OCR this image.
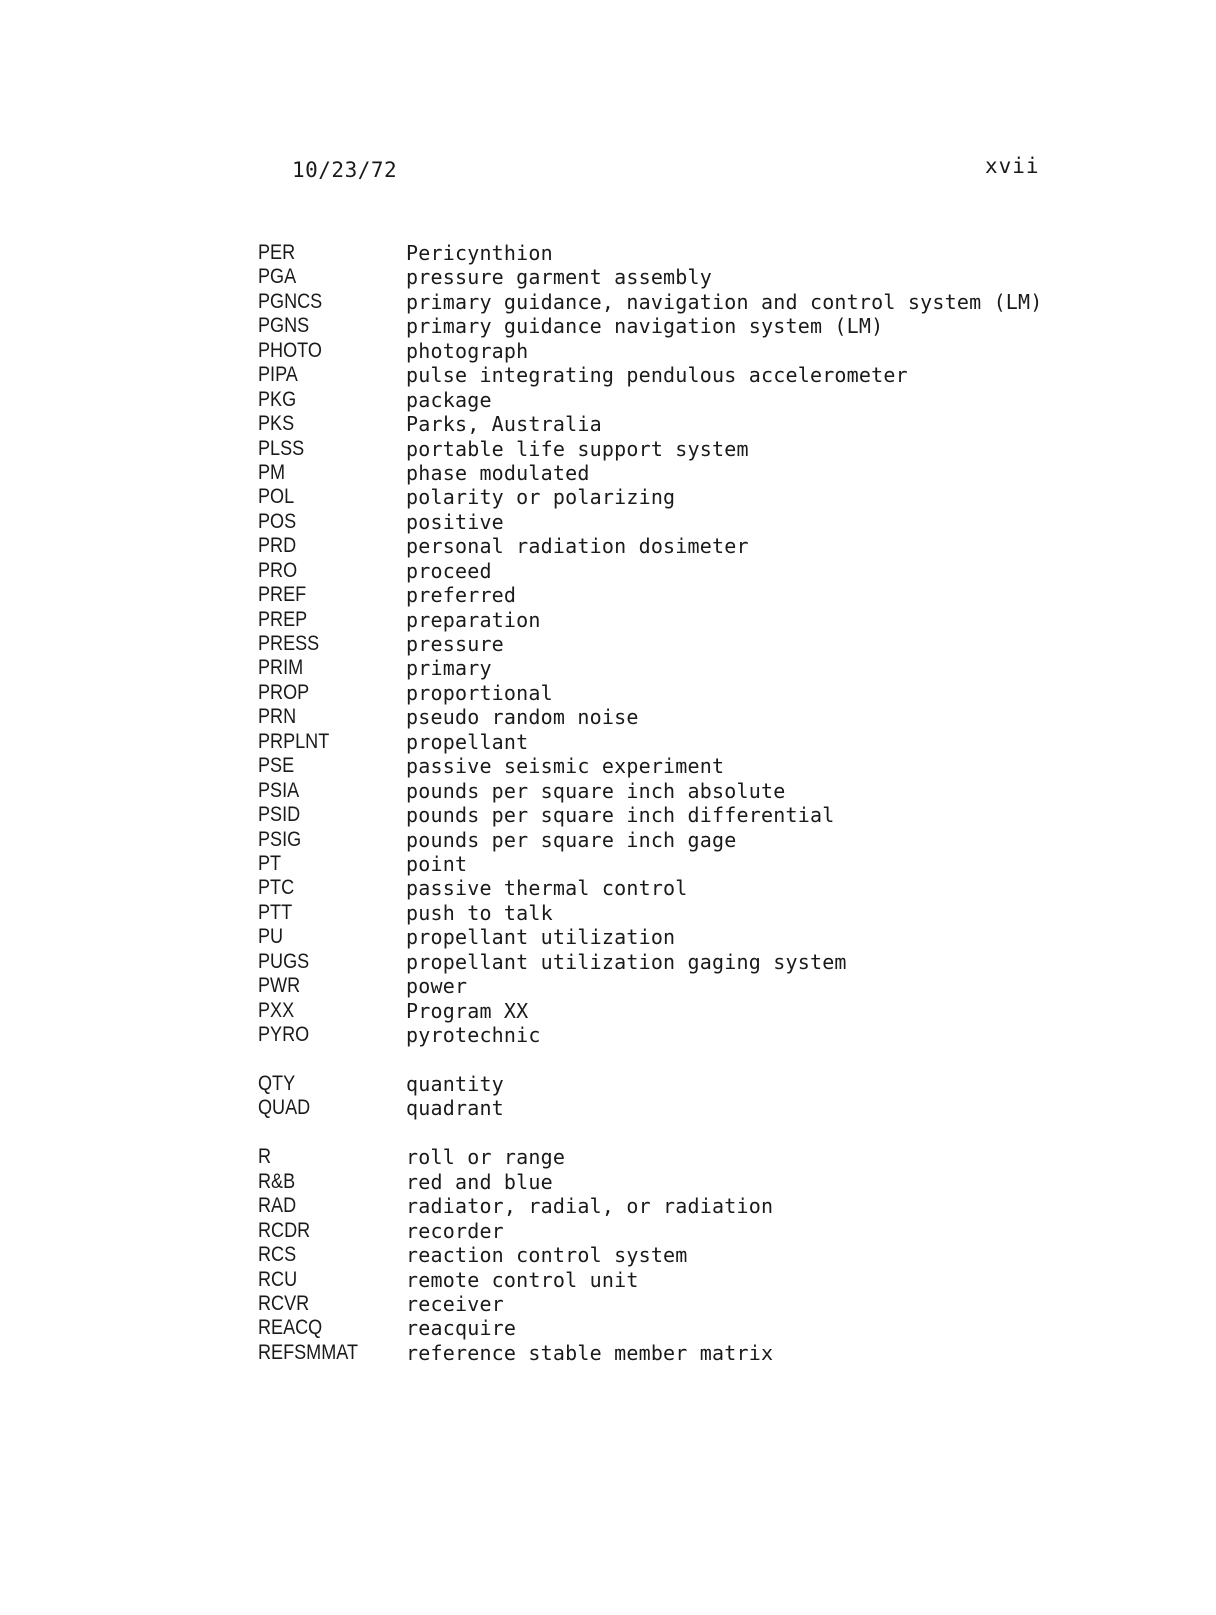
10/23/72	xvii
PER	Pericynthion
PGA	pressure garment assembly
PGNCS	primary guidance, navigation and control system (LM)
PGNS	primary guidance navigation system (LM)
PHOTO	photograph
PIPA	pulse integrating pendulous accelerometer
PKG	package
PKS	Parks, Australia
PLSS	portable life support system
PM	phase modulated
POL	polarity or polarizing
POS	positive
PRD	personal radiation dosimeter
PRO	proceed
PREF	preferred
PREP	preparation
PRESS	pressure
PRIM	primary
PROP	proportional
PRN	pseudo random noise
PRPLNT	propellant
PSE	passive seismic experiment
PSIA	pounds per square inch absolute
PSID	pounds per square inch differential
PSIG	pounds per square inch gage
PT	point
PTC	passive thermal control
PTT	push to talk
PU	propellant utilization
PUGS	propellant utilization gaging system
PWR	power
PXX	Program XX
PYRO	pyrotechnic
QTY	quantity
QUAD	quadrant
R	roll or range
R&B	red and blue
RAD	radiator, radial, or radiation
RCDR	recorder
RCS	reaction control system
RCU	remote control unit
RCVR	receiver
REACQ	reacquire
REFSMMAT	reference stable member matrix
